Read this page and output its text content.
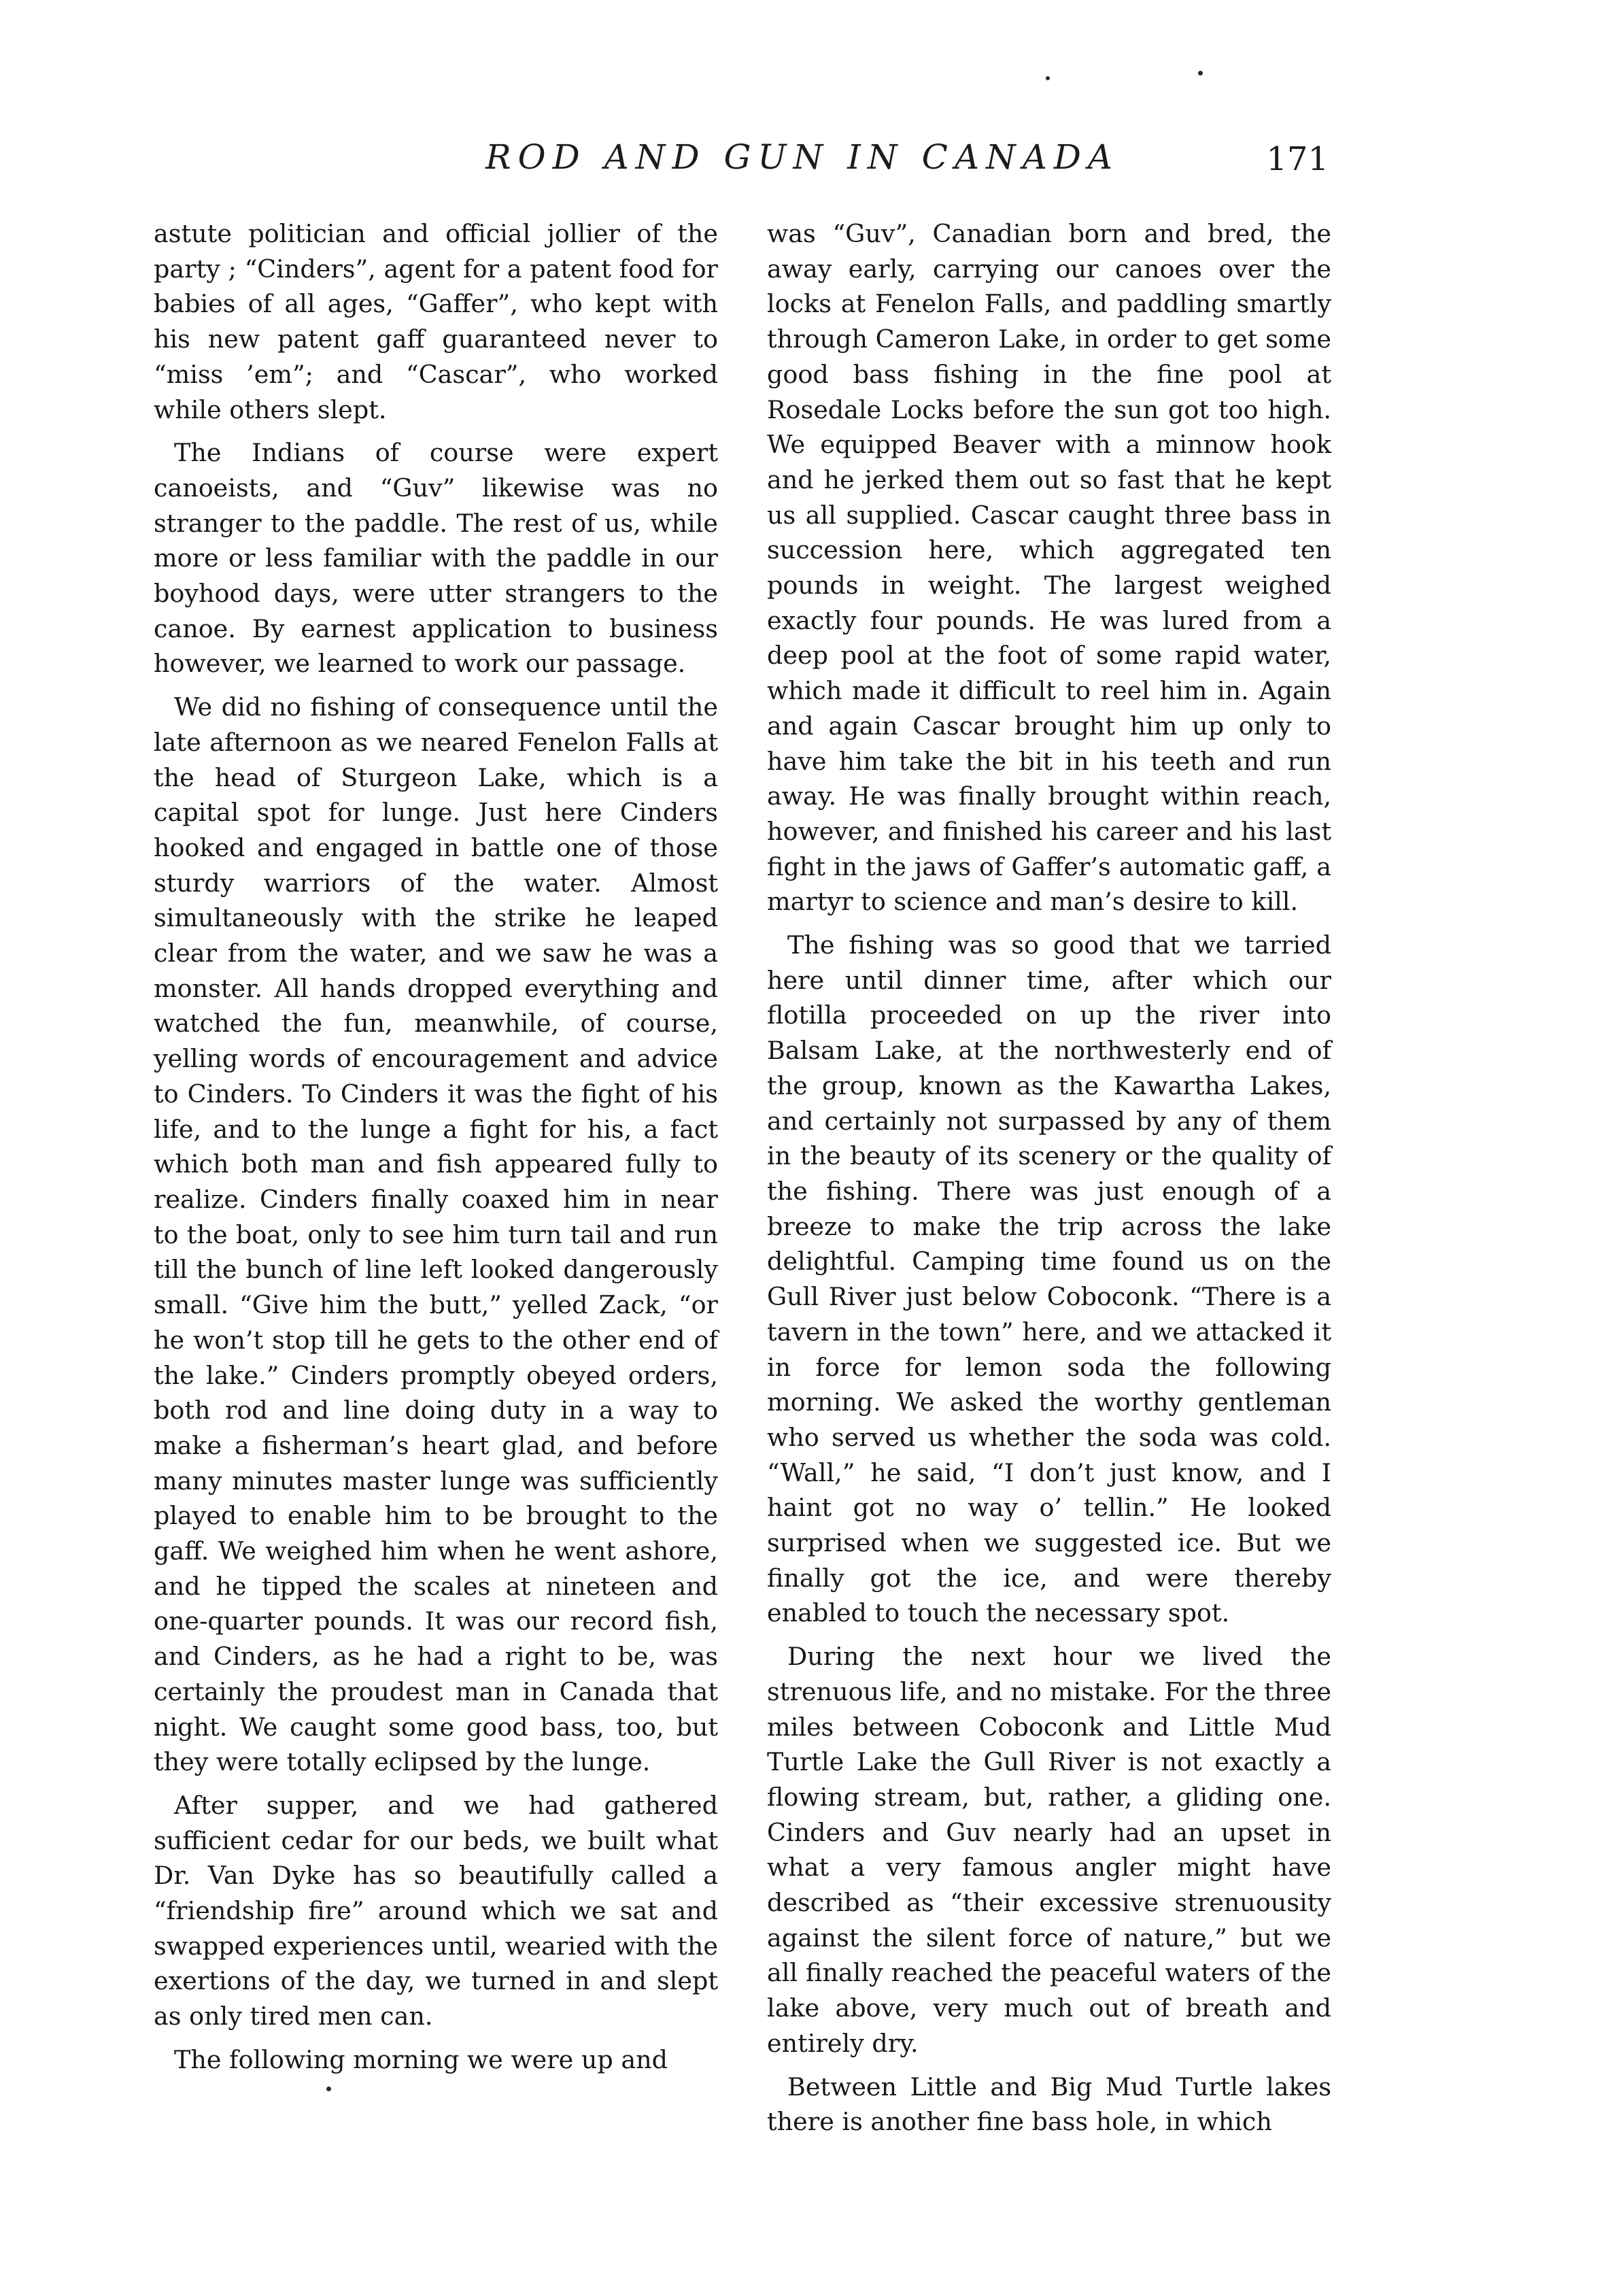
ROD AND GUN IN CANADA	171

astute politician and official jollier of the party ; “Cinders”, agent for a patent food for babies of all ages, “Gaffer”, who kept with his new patent gaff guaranteed never to “miss ’em”; and “Cascar”, who worked while others slept.

The Indians of course were expert canoeists, and “Guv” likewise was no stranger to the paddle. The rest of us, while more or less familiar with the paddle in our boyhood days, were utter strangers to the canoe. By earnest application to business however, we learned to work our passage.

We did no fishing of consequence until the late afternoon as we neared Fenelon Falls at the head of Sturgeon Lake, which is a capital spot for lunge. Just here Cinders hooked and engaged in battle one of those sturdy warriors of the water. Almost simultaneously with the strike he leaped clear from the water, and we saw he was a monster. All hands dropped everything and watched the fun, meanwhile, of course, yelling words of encouragement and advice to Cinders. To Cinders it was the fight of his life, and to the lunge a fight for his, a fact which both man and fish appeared fully to realize. Cinders finally coaxed him in near to the boat, only to see him turn tail and run till the bunch of line left looked dangerously small. “Give him the butt,” yelled Zack, “or he won’t stop till he gets to the other end of the lake.” Cinders promptly obeyed orders, both rod and line doing duty in a way to make a fisherman’s heart glad, and before many minutes master lunge was sufficiently played to enable him to be brought to the gaff. We weighed him when he went ashore, and he tipped the scales at nineteen and one-quarter pounds. It was our record fish, and Cinders, as he had a right to be, was certainly the proudest man in Canada that night. We caught some good bass, too, but they were totally eclipsed by the lunge.

After supper, and we had gathered sufficient cedar for our beds, we built what Dr. Van Dyke has so beautifully called a “friendship fire” around which we sat and swapped experiences until, wearied with the exertions of the day, we turned in and slept as only tired men can.

The following morning we were up and

was “Guv”, Canadian born and bred, the away early, carrying our canoes over the locks at Fenelon Falls, and paddling smartly through Cameron Lake, in order to get some good bass fishing in the fine pool at Rosedale Locks before the sun got too high. We equipped Beaver with a minnow hook and he jerked them out so fast that he kept us all supplied. Cascar caught three bass in succession here, which aggregated ten pounds in weight. The largest weighed exactly four pounds. He was lured from a deep pool at the foot of some rapid water, which made it difficult to reel him in. Again and again Cascar brought him up only to have him take the bit in his teeth and run away. He was finally brought within reach, however, and finished his career and his last fight in the jaws of Gaffer’s automatic gaff, a martyr to science and man’s desire to kill.

The fishing was so good that we tarried here until dinner time, after which our flotilla proceeded on up the river into Balsam Lake, at the northwesterly end of the group, known as the Kawartha Lakes, and certainly not surpassed by any of them in the beauty of its scenery or the quality of the fishing. There was just enough of a breeze to make the trip across the lake delightful. Camping time found us on the Gull River just below Coboconk. “There is a tavern in the town” here, and we attacked it in force for lemon soda the following morning. We asked the worthy gentleman who served us whether the soda was cold. “Wall,” he said, “I don’t just know, and I haint got no way o’ tellin.” He looked surprised when we suggested ice. But we finally got the ice, and were thereby enabled to touch the necessary spot.

During the next hour we lived the strenuous life, and no mistake. For the three miles between Coboconk and Little Mud Turtle Lake the Gull River is not exactly a flowing stream, but, rather, a gliding one. Cinders and Guv nearly had an upset in what a very famous angler might have described as “their excessive strenuousity against the silent force of nature,” but we all finally reached the peaceful waters of the lake above, very much out of breath and entirely dry.

Between Little and Big Mud Turtle lakes there is another fine bass hole, in which
